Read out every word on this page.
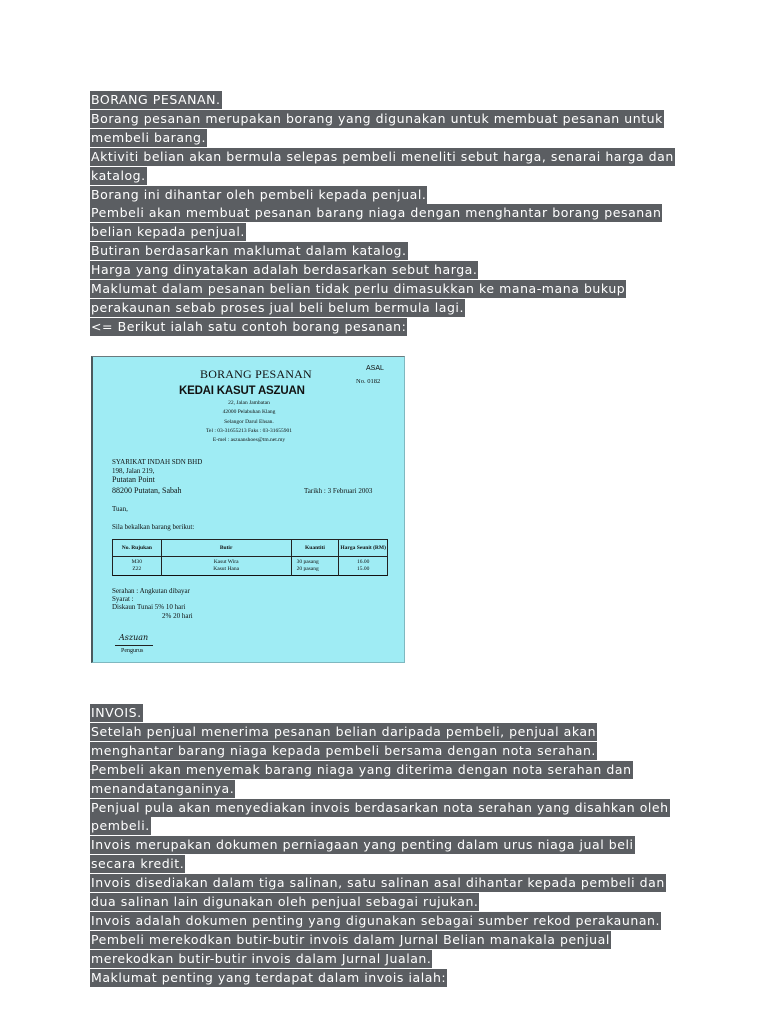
BORANG PESANAN.
Borang pesanan merupakan borang yang digunakan untuk membuat pesanan untuk
membeli barang.
Aktiviti belian akan bermula selepas pembeli meneliti sebut harga, senarai harga dan
katalog.
Borang ini dihantar oleh pembeli kepada penjual.
Pembeli akan membuat pesanan barang niaga dengan menghantar borang pesanan
belian kepada penjual.
Butiran berdasarkan maklumat dalam katalog.
Harga yang dinyatakan adalah berdasarkan sebut harga.
Maklumat dalam pesanan belian tidak perlu dimasukkan ke mana-mana bukup
perakaunan sebab proses jual beli belum bermula lagi.
<= Berikut ialah satu contoh borang pesanan:
BORANG PESANAN	ASAL
No. 0182
KEDAI KASUT ASZUAN
22, Jalan Jambatan
42000 Pelabuhan Klang
Selangor Darul Ehsan.
Tel : 03-31655213 Faks : 03-31655901
E-mel : aszuanshoes@tm.net.my
SYARIKAT INDAH SDN BHD
198, Jalan 219,
Putatan Point
88200 Putatan, Sabah	Tarikh : 3 Februari 2003
Tuan,
Sila bekalkan barang berikut:
No. Rujukan	Butir	Kuantiti	Harga Seunit (RM)
M30	Kasut Wira	30 pasang	16.00
Z22	Kasut Hana	20 pasang	15.00
Serahan : Angkutan dibayar
Syarat :
Diskaun Tunai 5% 10 hari
2% 20 hari
Aszuan
Pengurus
INVOIS.
Setelah penjual menerima pesanan belian daripada pembeli, penjual akan
menghantar barang niaga kepada pembeli bersama dengan nota serahan.
Pembeli akan menyemak barang niaga yang diterima dengan nota serahan dan
menandatanganinya.
Penjual pula akan menyediakan invois berdasarkan nota serahan yang disahkan oleh
pembeli.
Invois merupakan dokumen perniagaan yang penting dalam urus niaga jual beli
secara kredit.
Invois disediakan dalam tiga salinan, satu salinan asal dihantar kepada pembeli dan
dua salinan lain digunakan oleh penjual sebagai rujukan.
Invois adalah dokumen penting yang digunakan sebagai sumber rekod perakaunan.
Pembeli merekodkan butir-butir invois dalam Jurnal Belian manakala penjual
merekodkan butir-butir invois dalam Jurnal Jualan.
Maklumat penting yang terdapat dalam invois ialah:
